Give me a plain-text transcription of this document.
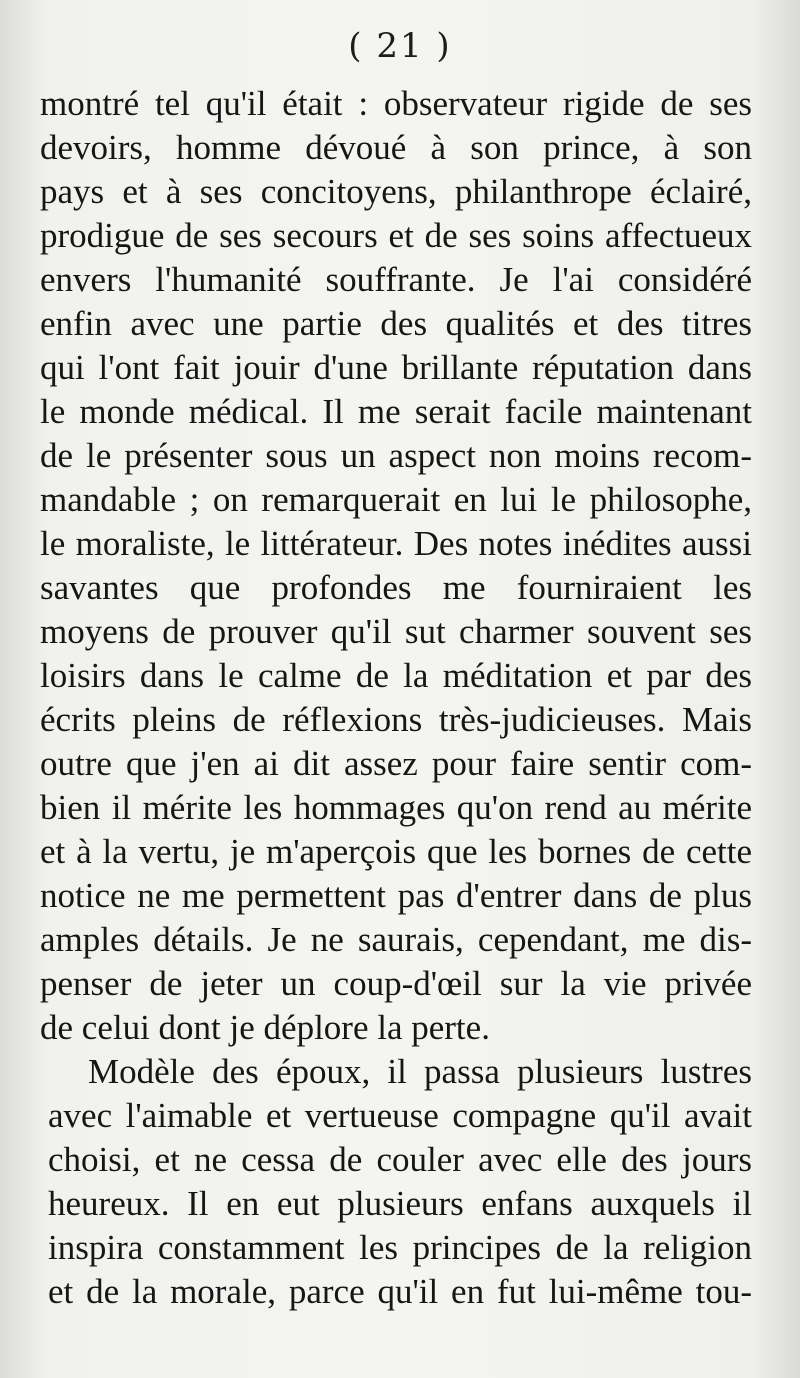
( 21 )
montré tel qu'il était : observateur rigide de ses
devoirs, homme dévoué à son prince, à son
pays et à ses concitoyens, philanthrope éclairé,
prodigue de ses secours et de ses soins affectueux
envers l'humanité souffrante. Je l'ai considéré
enfin avec une partie des qualités et des titres
qui l'ont fait jouir d'une brillante réputation dans
le monde médical. Il me serait facile maintenant
de le présenter sous un aspect non moins recom-
mandable ; on remarquerait en lui le philosophe,
le moraliste, le littérateur. Des notes inédites aussi
savantes que profondes me fourniraient les
moyens de prouver qu'il sut charmer souvent ses
loisirs dans le calme de la méditation et par des
écrits pleins de réflexions très-judicieuses. Mais
outre que j'en ai dit assez pour faire sentir com-
bien il mérite les hommages qu'on rend au mérite
et à la vertu, je m'aperçois que les bornes de cette
notice ne me permettent pas d'entrer dans de plus
amples détails. Je ne saurais, cependant, me dis-
penser de jeter un coup-d'œil sur la vie privée
de celui dont je déplore la perte.
Modèle des époux, il passa plusieurs lustres
avec l'aimable et vertueuse compagne qu'il avait
choisi, et ne cessa de couler avec elle des jours
heureux. Il en eut plusieurs enfans auxquels il
inspira constamment les principes de la religion
et de la morale, parce qu'il en fut lui-même tou-
